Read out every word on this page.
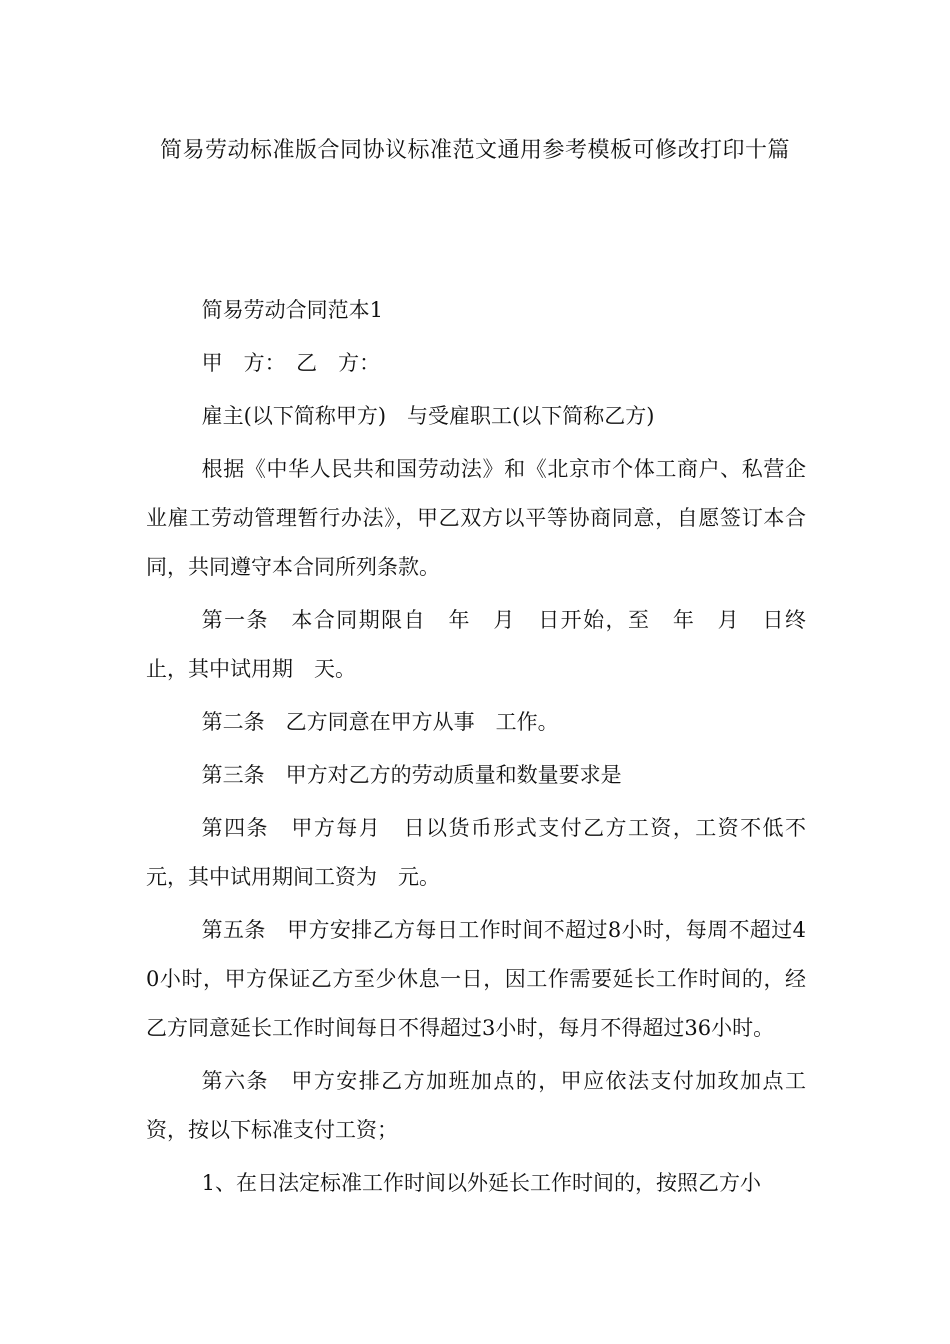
简易劳动标准版合同协议标准范文通用参考模板可修改打印十篇

简易劳动合同范本1

甲　方：　乙　方：

雇主(以下简称甲方)　与受雇职工(以下简称乙方)

根据《中华人民共和国劳动法》和《北京市个体工商户、私营企业雇工劳动管理暂行办法》，甲乙双方以平等协商同意，自愿签订本合同，共同遵守本合同所列条款。

第一条　本合同期限自　年　月　日开始，至　年　月　日终止，其中试用期　天。

第二条　乙方同意在甲方从事　工作。

第三条　甲方对乙方的劳动质量和数量要求是

第四条　甲方每月　日以货币形式支付乙方工资，工资不低不元，其中试用期间工资为　元。

第五条　甲方安排乙方每日工作时间不超过8小时，每周不超过40小时，甲方保证乙方至少休息一日，因工作需要延长工作时间的，经乙方同意延长工作时间每日不得超过3小时，每月不得超过36小时。

第六条　甲方安排乙方加班加点的，甲应依法支付加玫加点工资，按以下标准支付工资；

1、在日法定标准工作时间以外延长工作时间的，按照乙方小
